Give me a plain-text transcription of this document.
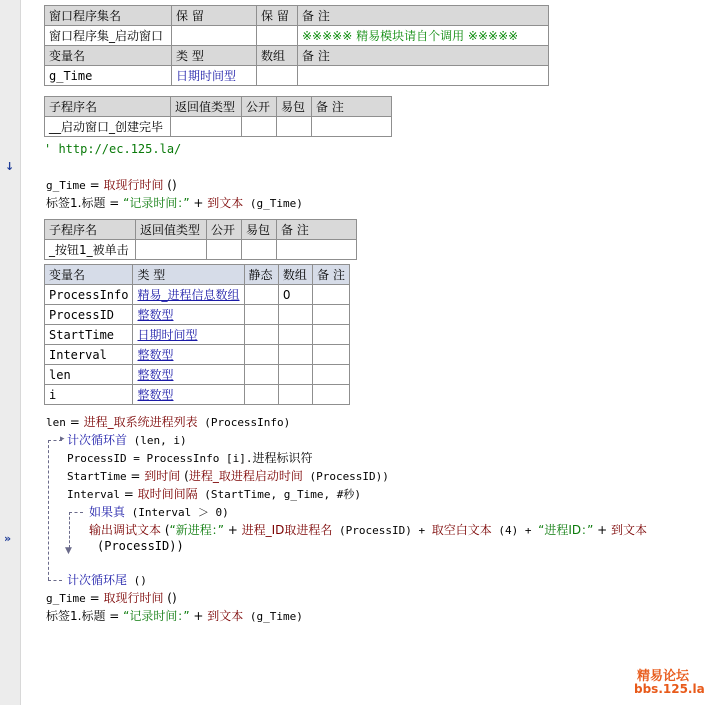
↓
»
窗口程序集名	保 留	保 留	备 注
窗口程序集_启动窗口			※※※※※ 精易模块请自个调用 ※※※※※
变量名	类 型	数组	备 注
g_Time	日期时间型		
子程序名	返回值类型	公开	易包	备 注
__启动窗口_创建完毕				
' http://ec.125.la/
g_Time = 取现行时间 ()
标签1.标题 = “记录时间：” + 到文本 (g_Time)
子程序名	返回值类型	公开	易包	备 注
_按钮1_被单击				
变量名	类 型	静态	数组	备 注
ProcessInfo	精易_进程信息数组		0	
ProcessID	整数型			
StartTime	日期时间型			
Interval	整数型			
len	整数型			
i	整数型			
len = 进程_取系统进程列表 (ProcessInfo)
▸ 计次循环首 (len, i)
ProcessID = ProcessInfo [i].进程标识符
StartTime = 到时间 (进程_取进程启动时间 (ProcessID))
Interval = 取时间间隔 (StartTime, g_Time, #秒)
▼
如果真 (Interval ＞ 0)
输出调试文本 (“新进程：” + 进程_ID取进程名 (ProcessID) + 取空白文本 (4) + “进程ID：” + 到文本
(ProcessID))
计次循环尾 ()
g_Time = 取现行时间 ()
标签1.标题 = “记录时间：” + 到文本 (g_Time)
精易论坛
bbs.125.la
